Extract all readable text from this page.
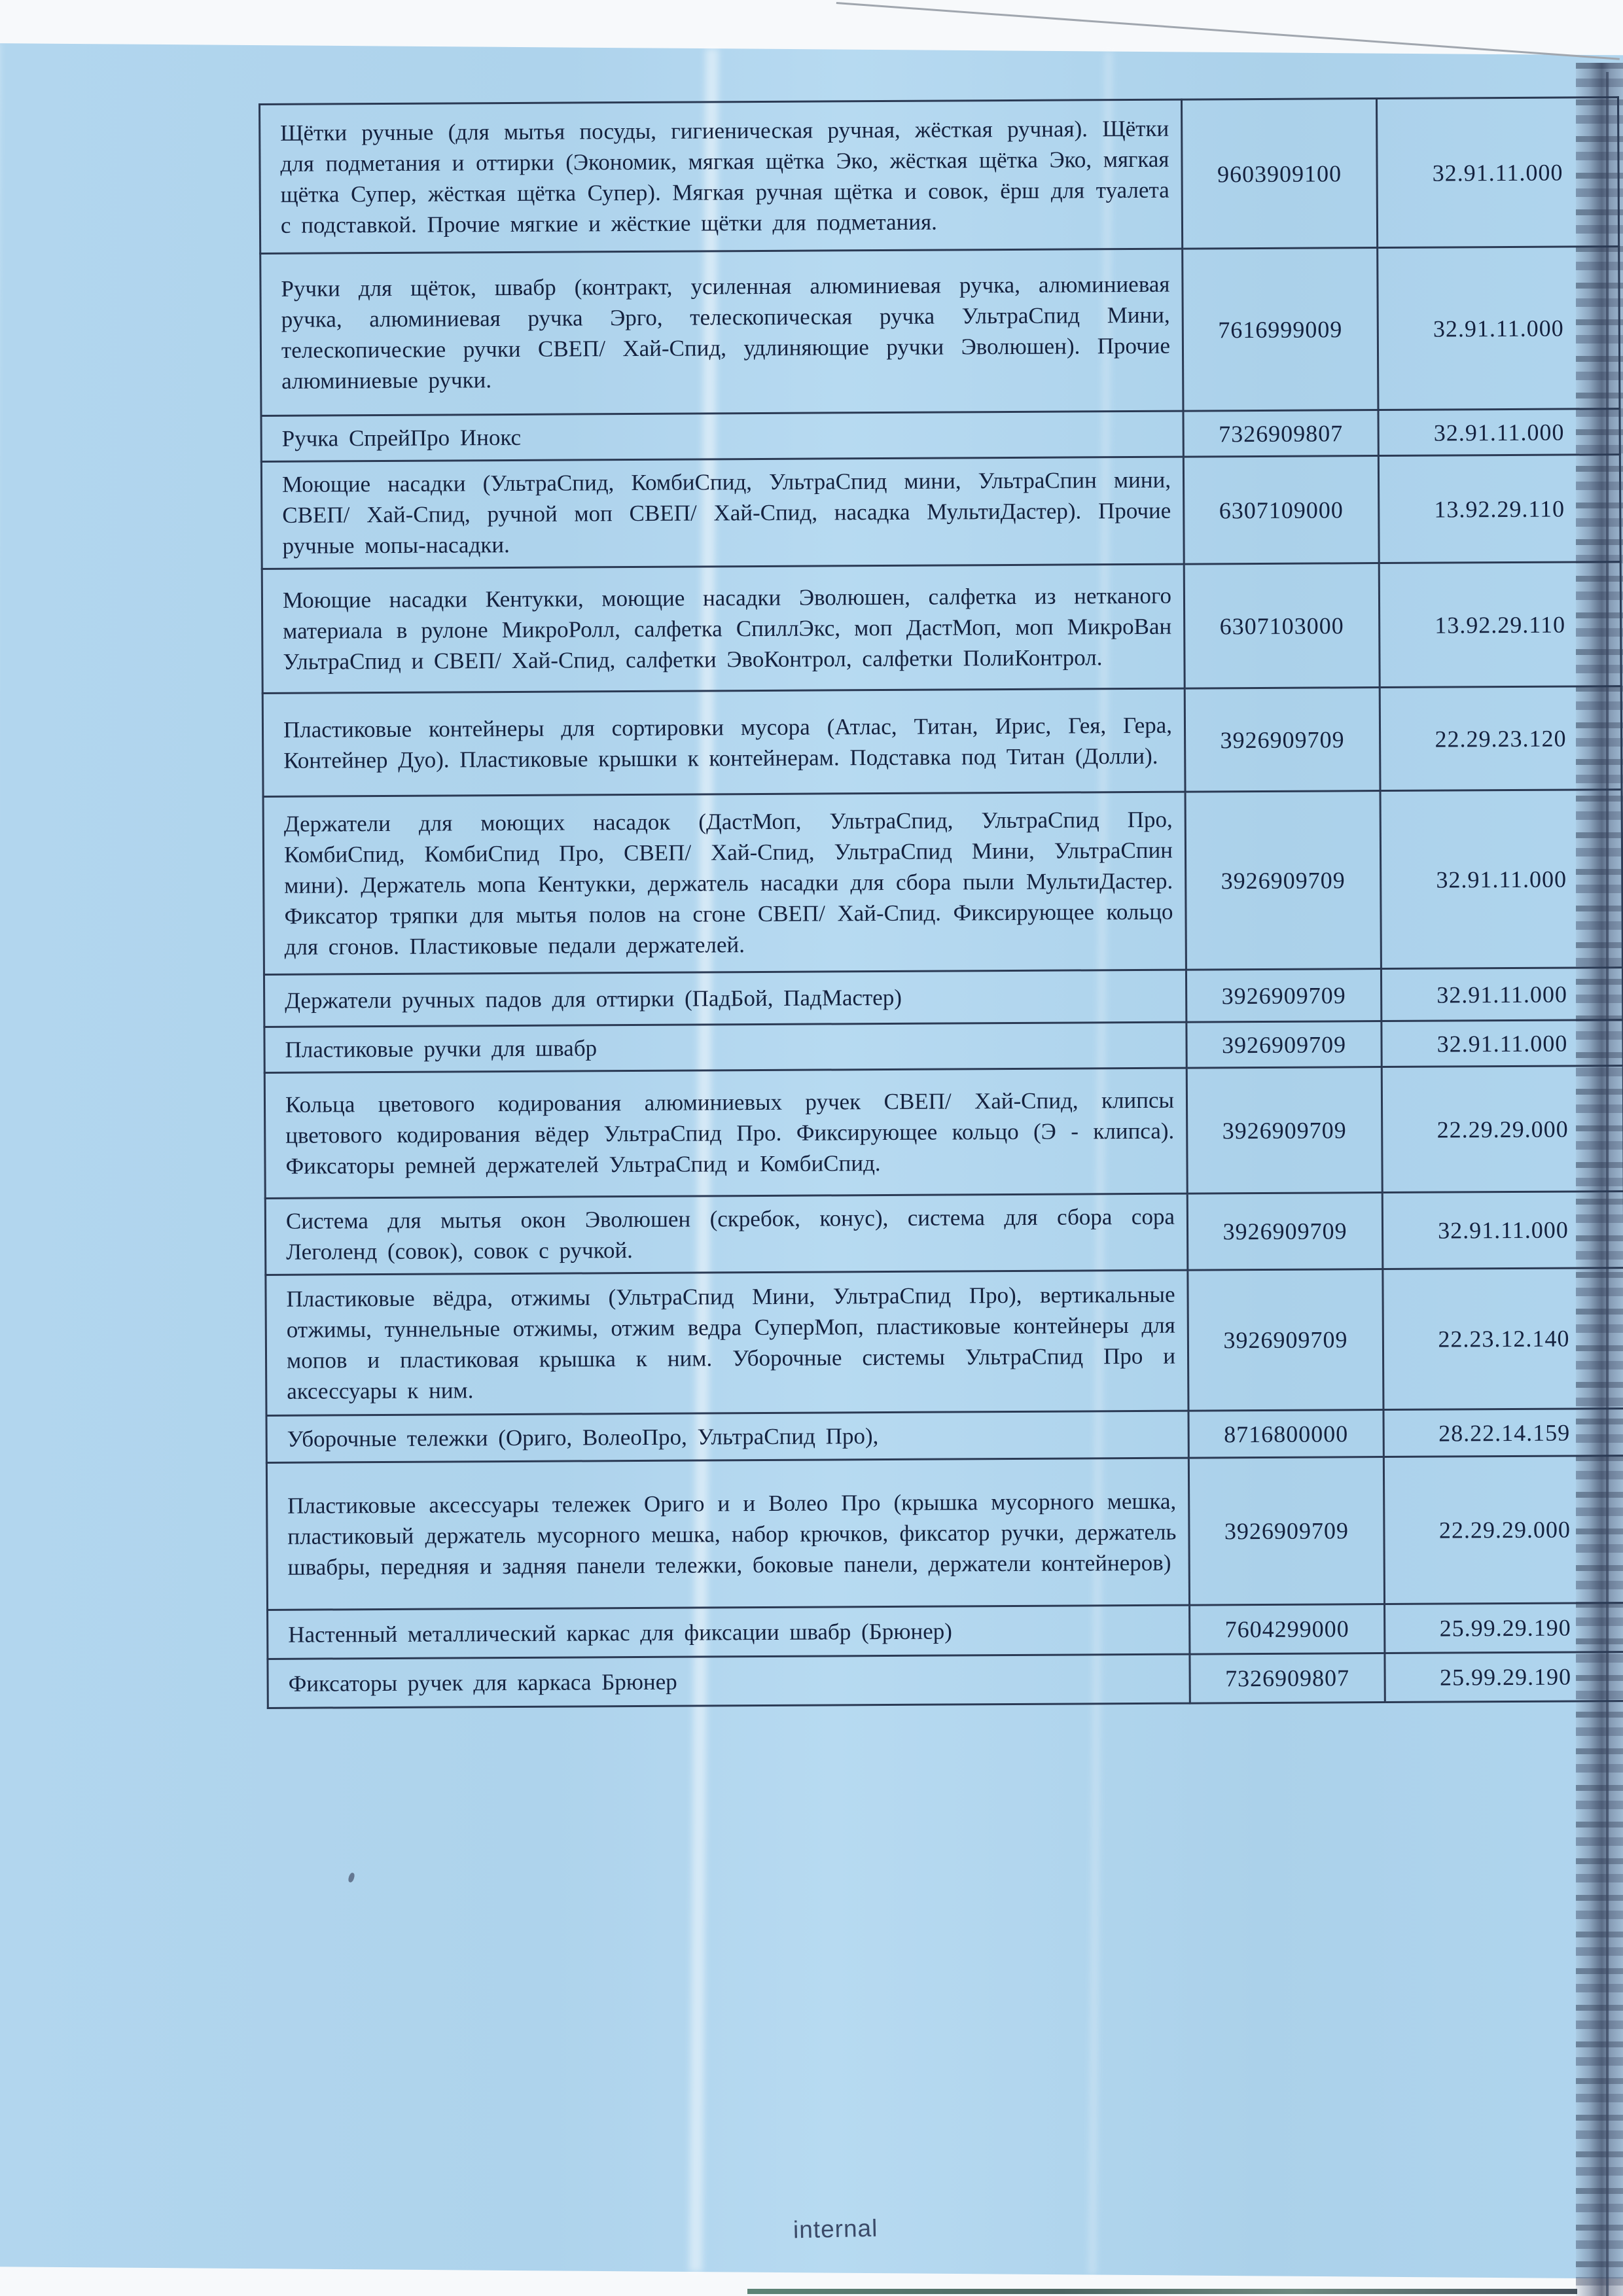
Щётки ручные (для мытья посуды, гигиеническая ручная, жёсткая ручная). Щётки для подметания и оттирки (Экономик, мягкая щётка Эко, жёсткая щётка Эко, мягкая щётка Супер, жёсткая щётка Супер). Мягкая ручная щётка и совок, ёрш для туалета с подставкой. Прочие мягкие и жёсткие щётки для подметания.	9603909100	32.91.11.000
Ручки для щёток, швабр (контракт, усиленная алюминиевая ручка, алюминиевая ручка, алюминиевая ручка Эрго, телескопическая ручка УльтраСпид Мини, телескопические ручки СВЕП/ Хай-Спид, удлиняющие ручки Эволюшен). Прочие алюминиевые ручки.	7616999009	32.91.11.000
Ручка СпрейПро Инокс	7326909807	32.91.11.000
Моющие насадки (УльтраСпид, КомбиСпид, УльтраСпид мини, УльтраСпин мини, СВЕП/ Хай-Спид, ручной моп СВЕП/ Хай-Спид, насадка МультиДастер). Прочие ручные мопы-насадки.	6307109000	13.92.29.110
Моющие насадки Кентукки, моющие насадки Эволюшен, салфетка из нетканого материала в рулоне МикроРолл, салфетка СпиллЭкс, моп ДастМоп, моп МикроВан УльтраСпид и СВЕП/ Хай-Спид, салфетки ЭвоКонтрол, салфетки ПолиКонтрол.	6307103000	13.92.29.110
Пластиковые контейнеры для сортировки мусора (Атлас, Титан, Ирис, Гея, Гера, Контейнер Дуо). Пластиковые крышки к контейнерам. Подставка под Титан (Долли).	3926909709	22.29.23.120
Держатели для моющих насадок (ДастМоп, УльтраСпид, УльтраСпид Про, КомбиСпид, КомбиСпид Про, СВЕП/ Хай-Спид, УльтраСпид Мини, УльтраСпин мини). Держатель мопа Кентукки, держатель насадки для сбора пыли МультиДастер. Фиксатор тряпки для мытья полов на сгоне СВЕП/ Хай-Спид. Фиксирующее кольцо для сгонов. Пластиковые педали держателей.	3926909709	32.91.11.000
Держатели ручных падов для оттирки (ПадБой, ПадМастер)	3926909709	32.91.11.000
Пластиковые ручки для швабр	3926909709	32.91.11.000
Кольца цветового кодирования алюминиевых ручек СВЕП/ Хай-Спид, клипсы цветового кодирования вёдер УльтраСпид Про. Фиксирующее кольцо (Э - клипса). Фиксаторы ремней держателей УльтраСпид и КомбиСпид.	3926909709	22.29.29.000
Система для мытья окон Эволюшен (скребок, конус), система для сбора сора Леголенд (совок), совок с ручкой.	3926909709	32.91.11.000
Пластиковые вёдра, отжимы (УльтраСпид Мини, УльтраСпид Про), вертикальные отжимы, туннельные отжимы, отжим ведра СуперМоп, пластиковые контейнеры для мопов и пластиковая крышка к ним. Уборочные системы УльтраСпид Про и аксессуары к ним.	3926909709	22.23.12.140
Уборочные тележки (Ориго, ВолеоПро, УльтраСпид Про),	8716800000	28.22.14.159
Пластиковые аксессуары тележек Ориго и и Волео Про (крышка мусорного мешка, пластиковый держатель мусорного мешка, набор крючков, фиксатор ручки, держатель швабры, передняя и задняя панели тележки, боковые панели, держатели контейнеров)	3926909709	22.29.29.000
Настенный металлический каркас для фиксации швабр (Брюнер)	7604299000	25.99.29.190
Фиксаторы ручек для каркаса Брюнер	7326909807	25.99.29.190
internal
